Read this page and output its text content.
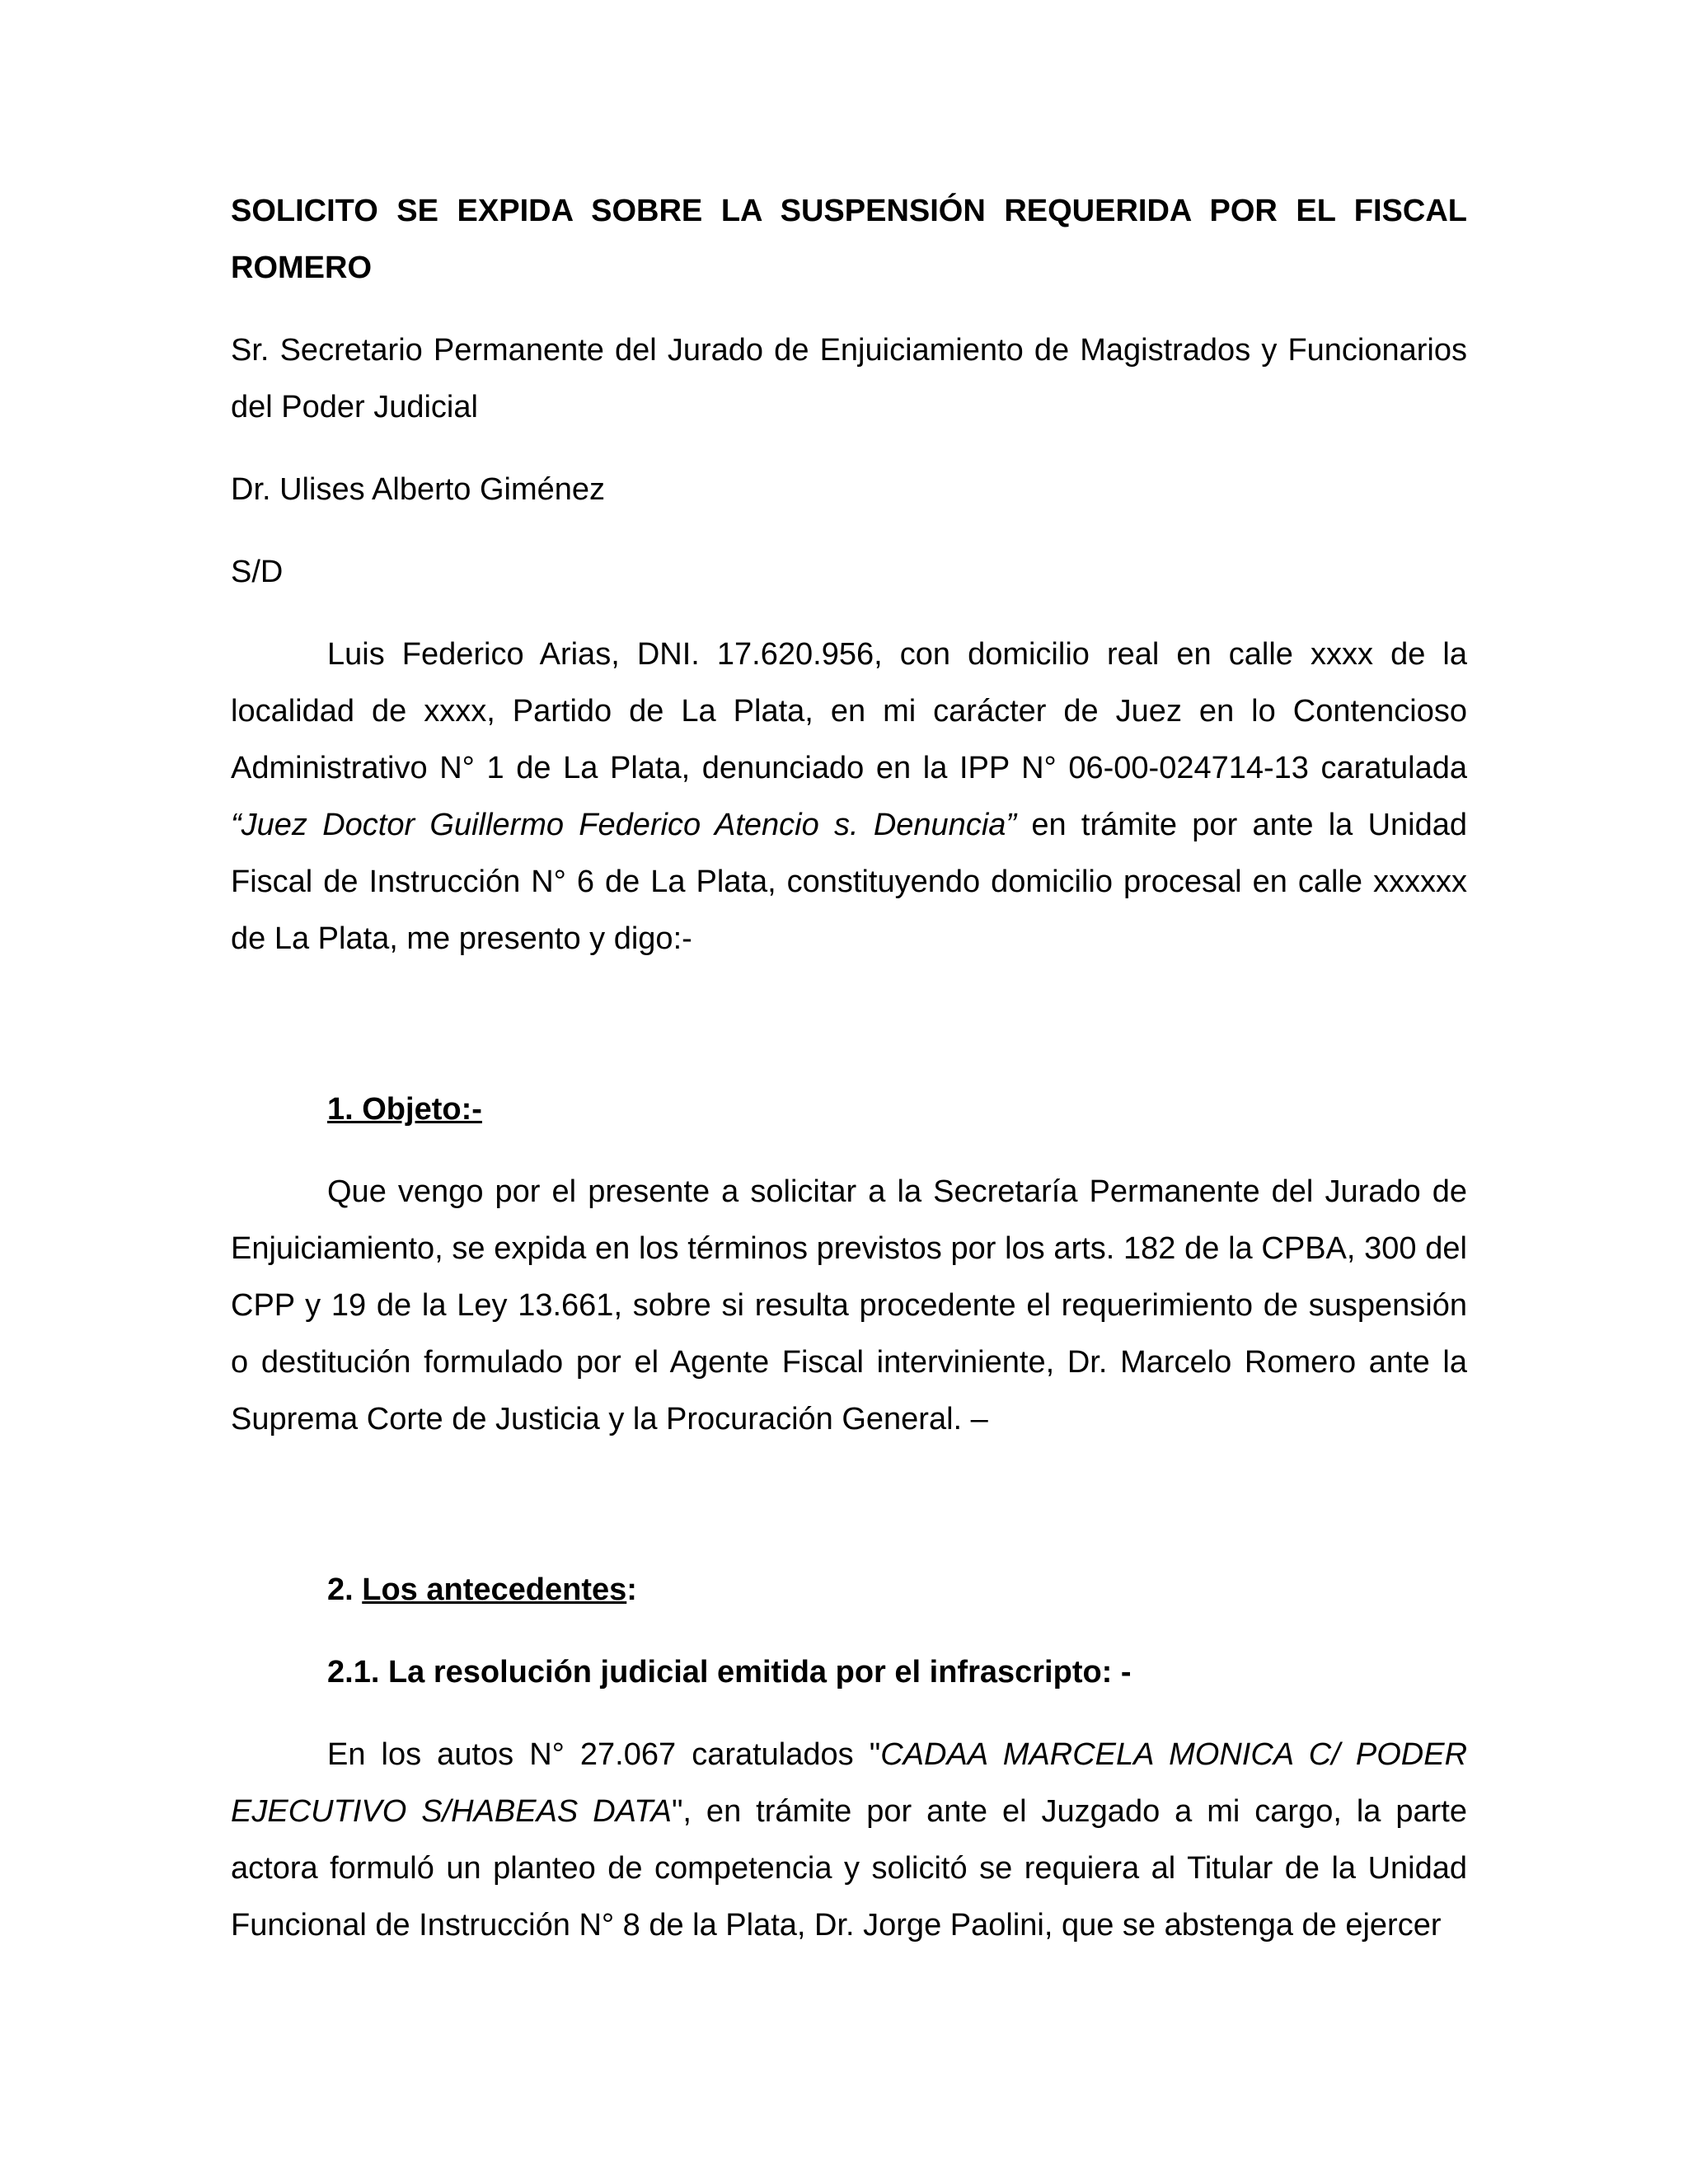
SOLICITO SE EXPIDA SOBRE LA SUSPENSIÓN REQUERIDA POR EL FISCAL ROMERO

Sr. Secretario Permanente del Jurado de Enjuiciamiento de Magistrados y Funcionarios del Poder Judicial

Dr. Ulises Alberto Giménez

S/D

Luis Federico Arias, DNI. 17.620.956, con domicilio real en calle xxxx de la localidad de xxxx, Partido de La Plata, en mi carácter de Juez en lo Contencioso Administrativo N° 1 de La Plata, denunciado en la IPP N° 06-00-024714-13 caratulada “Juez Doctor Guillermo Federico Atencio s. Denuncia” en trámite por ante la Unidad Fiscal de Instrucción N° 6 de La Plata, constituyendo domicilio procesal en calle xxxxxx de La Plata, me presento y digo:-

1. Objeto:-

Que vengo por el presente a solicitar a la Secretaría Permanente del Jurado de Enjuiciamiento, se expida en los términos previstos por los arts. 182 de la CPBA, 300 del CPP y 19 de la Ley 13.661, sobre si resulta procedente el requerimiento de suspensión o destitución formulado por el Agente Fiscal interviniente, Dr. Marcelo Romero ante la Suprema Corte de Justicia y la Procuración General. –

2. Los antecedentes:

2.1. La resolución judicial emitida por el infrascripto: -

En los autos N° 27.067 caratulados "CADAA MARCELA MONICA C/ PODER EJECUTIVO S/HABEAS DATA", en trámite por ante el Juzgado a mi cargo, la parte actora formuló un planteo de competencia y solicitó se requiera al Titular de la Unidad Funcional de Instrucción N° 8 de la Plata, Dr. Jorge Paolini, que se abstenga de ejercer
